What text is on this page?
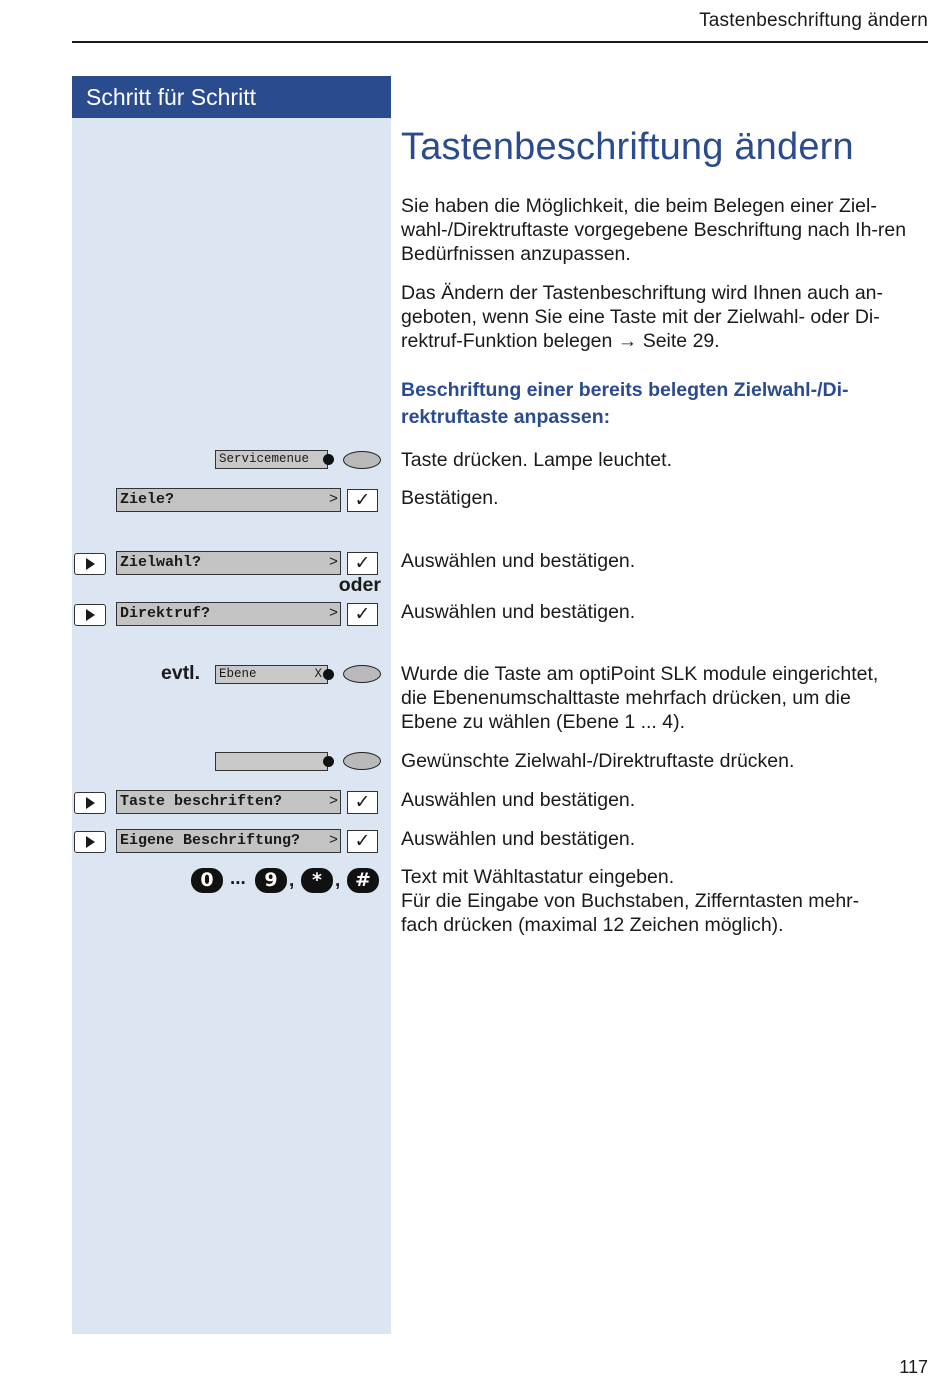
Tastenbeschriftung ändern
Schritt für Schritt
Tastenbeschriftung ändern

Sie haben die Möglichkeit, die beim Belegen einer Ziel-wahl-/Direktruftaste vorgegebene Beschriftung nach Ih-ren Bedürfnissen anzupassen.

Das Ändern der Tastenbeschriftung wird Ihnen auch an-geboten, wenn Sie eine Taste mit der Zielwahl- oder Di-rektruf-Funktion belegen → Seite 29.

Beschriftung einer bereits belegten Zielwahl-/Di-rektruftaste anpassen:

Servicemenue	Taste drücken. Lampe leuchtet.

Ziele?	> ✓	Bestätigen.

Zielwahl?	> ✓	Auswählen und bestätigen.

oder
Direktruf?	> ✓	Auswählen und bestätigen.

evtl. Ebene	X	Wurde die Taste am optiPoint SLK module eingerichtet,
die Ebenenumschalttaste mehrfach drücken, um die
Ebene zu wählen (Ebene 1 ... 4).

Gewünschte Zielwahl-/Direktruftaste drücken.

Taste beschriften?	> ✓	Auswählen und bestätigen.

Eigene Beschriftung? > ✓	Auswählen und bestätigen.

0 ... 9 , * , #	Text mit Wähltastatur eingeben.
Für die Eingabe von Buchstaben, Zifferntasten mehr-
fach drücken (maximal 12 Zeichen möglich).

117
